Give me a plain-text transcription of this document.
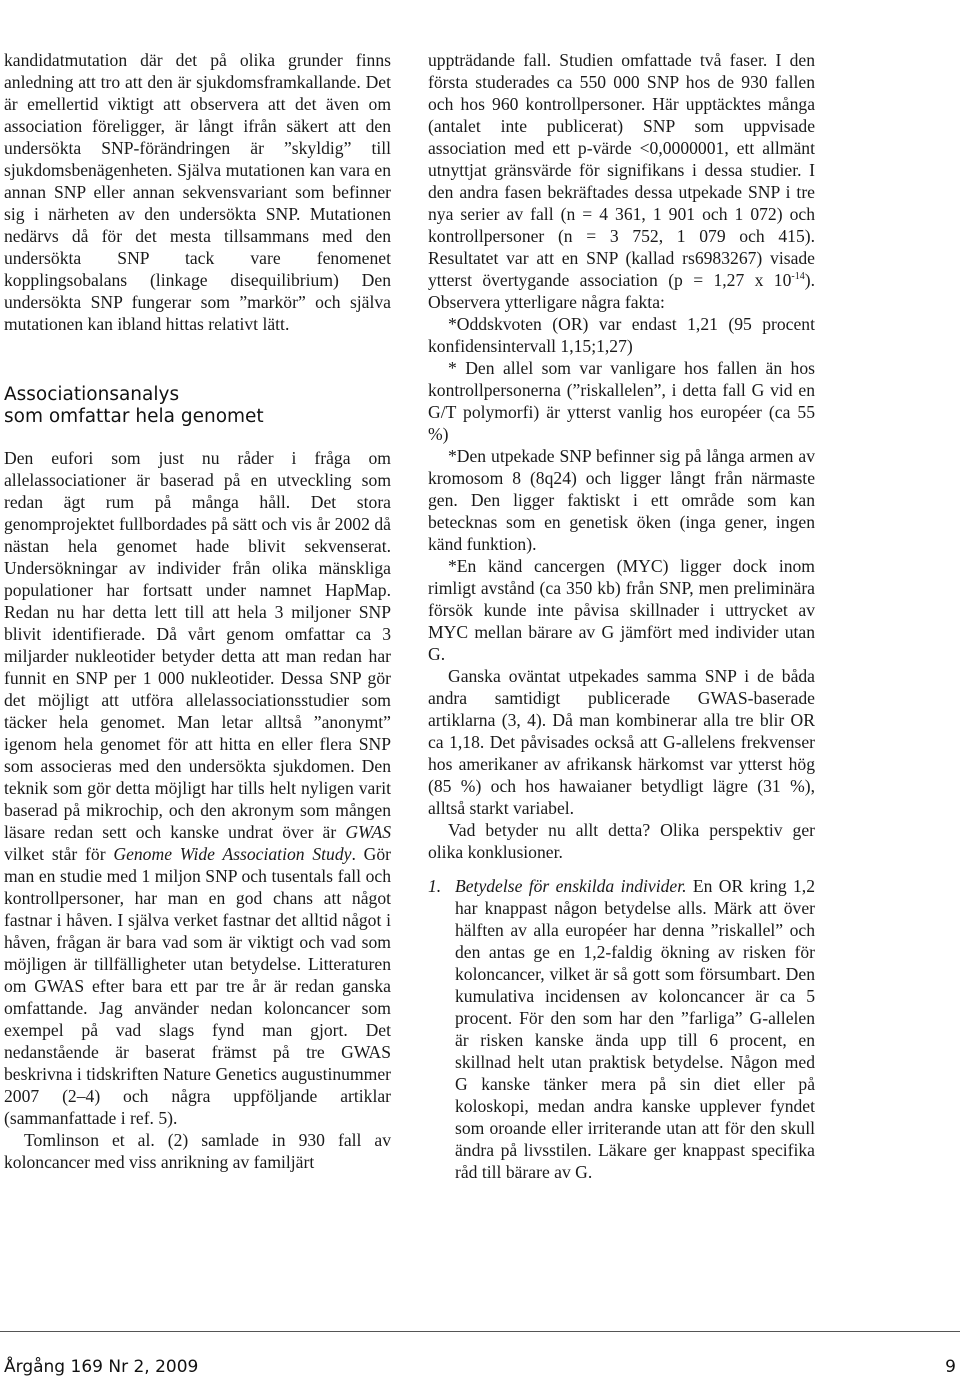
kandidatmutation där det på olika grunder finns anledning att tro att den är sjukdomsframkallande. Det är emellertid viktigt att observera att det även om association föreligger, är långt ifrån säkert att den undersökta SNP-förändringen är ”skyldig” till sjukdomsbenägenheten. Själva mutationen kan vara en annan SNP eller annan sekvensvariant som befinner sig i närheten av den undersökta SNP. Mutationen nedärvs då för det mesta tillsammans med den undersökta SNP tack vare fenomenet kopplingsobalans (linkage disequilibrium) Den undersökta SNP fungerar som ”markör” och själva mutationen kan ibland hittas relativt lätt.

Associationsanalys
som omfattar hela genomet

Den eufori som just nu råder i fråga om allelassociationer är baserad på en utveckling som redan ägt rum på många håll. Det stora genomprojektet fullbordades på sätt och vis år 2002 då nästan hela genomet hade blivit sekvenserat. Undersökningar av individer från olika mänskliga populationer har fortsatt under namnet HapMap. Redan nu har detta lett till att hela 3 miljoner SNP blivit identifierade. Då vårt genom omfattar ca 3 miljarder nukleotider betyder detta att man redan har funnit en SNP per 1 000 nukleotider. Dessa SNP gör det möjligt att utföra allelassociationsstudier som täcker hela genomet. Man letar alltså ”anonymt” igenom hela genomet för att hitta en eller flera SNP som associeras med den undersökta sjukdomen. Den teknik som gör detta möjligt har tills helt nyligen varit baserad på mikrochip, och den akronym som mången läsare redan sett och kanske undrat över är GWAS vilket står för Genome Wide Association Study. Gör man en studie med 1 miljon SNP och tusentals fall och kontrollpersoner, har man en god chans att något fastnar i håven. I själva verket fastnar det alltid något i håven, frågan är bara vad som är viktigt och vad som möjligen är tillfälligheter utan betydelse. Litteraturen om GWAS efter bara ett par tre år är redan ganska omfattande. Jag använder nedan koloncancer som exempel på vad slags fynd man gjort. Det nedanstående är baserat främst på tre GWAS beskrivna i tidskriften Nature Genetics augustinummer 2007 (2–4) och några uppföljande artiklar (sammanfattade i ref. 5).

Tomlinson et al. (2) samlade in 930 fall av koloncancer med viss anrikning av familjärt

uppträdande fall. Studien omfattade två faser. I den första studerades ca 550 000 SNP hos de 930 fallen och hos 960 kontrollpersoner. Här upptäcktes många (antalet inte publicerat) SNP som uppvisade association med ett p-värde <0,0000001, ett allmänt utnyttjat gränsvärde för signifikans i dessa studier. I den andra fasen bekräftades dessa utpekade SNP i tre nya serier av fall (n = 4 361, 1 901 och 1 072) och kontrollpersoner (n = 3 752, 1 079 och 415). Resultatet var att en SNP (kallad rs6983267) visade ytterst övertygande association (p = 1,27 x $10^{-14}$). Observera ytterligare några fakta:

*Oddskvoten (OR) var endast 1,21 (95 procent konfidensintervall 1,15;1,27)

* Den allel som var vanligare hos fallen än hos kontrollpersonerna (”riskallelen”, i detta fall G vid en G/T polymorfi) är ytterst vanlig hos européer (ca 55 %)

*Den utpekade SNP befinner sig på långa armen av kromosom 8 (8q24) och ligger långt från närmaste gen. Den ligger faktiskt i ett område som kan betecknas som en genetisk öken (inga gener, ingen känd funktion).

*En känd cancergen (MYC) ligger dock inom rimligt avstånd (ca 350 kb) från SNP, men preliminära försök kunde inte påvisa skillnader i uttrycket av MYC mellan bärare av G jämfört med individer utan G.

Ganska oväntat utpekades samma SNP i de båda andra samtidigt publicerade GWAS-baserade artiklarna (3, 4). Då man kombinerar alla tre blir OR ca 1,18. Det påvisades också att G-allelens frekvenser hos amerikaner av afrikansk härkomst var ytterst hög (85 %) och hos hawaianer betydligt lägre (31 %), alltså starkt variabel.

Vad betyder nu allt detta? Olika perspektiv ger olika konklusioner.

1. Betydelse för enskilda individer. En OR kring 1,2 har knappast någon betydelse alls. Märk att över hälften av alla européer har denna ”riskallel” och den antas ge en 1,2-faldig ökning av risken för koloncancer, vilket är så gott som försumbart. Den kumulativa incidensen av koloncancer är ca 5 procent. För den som har den ”farliga” G-allelen är risken kanske ända upp till 6 procent, en skillnad helt utan praktisk betydelse. Någon med G kanske tänker mera på sin diet eller på koloskopi, medan andra kanske upplever fyndet som oroande eller irriterande utan att för den skull ändra på livsstilen. Läkare ger knappast specifika råd till bärare av G.

Årgång 169 Nr 2, 2009	9
